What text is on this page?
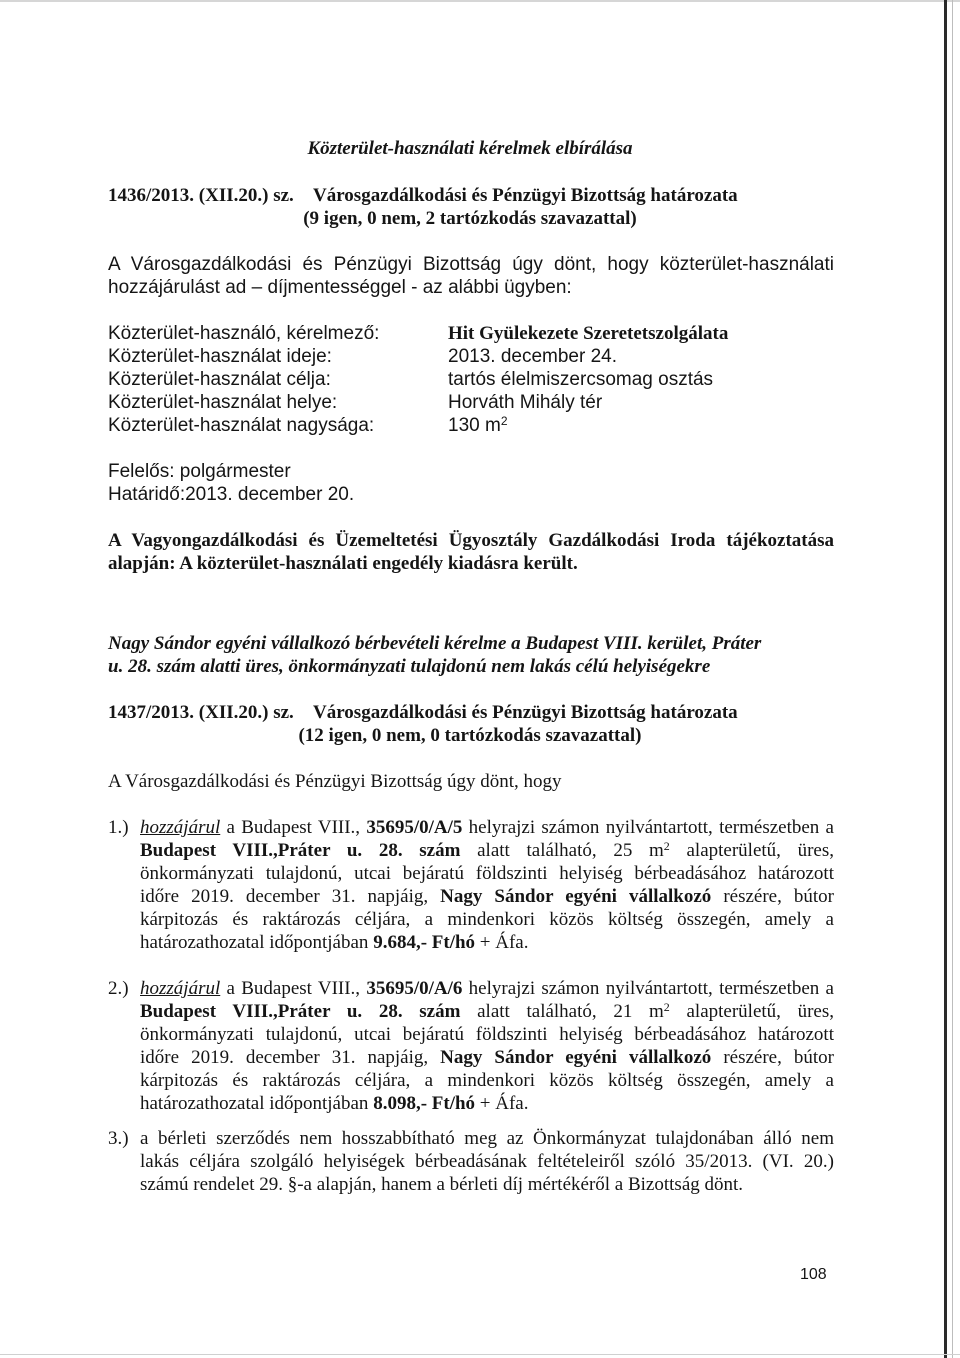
Közterület-használati kérelmek elbírálása
1436/2013. (XII.20.) sz. Városgazdálkodási és Pénzügyi Bizottság határozata
(9 igen, 0 nem, 2 tartózkodás szavazattal)
A Városgazdálkodási és Pénzügyi Bizottság úgy dönt, hogy közterület-használati
hozzájárulást ad – díjmentességgel - az alábbi ügyben:
Közterület-használó, kérelmező:	Hit Gyülekezete Szeretetszolgálata
Közterület-használat ideje:	2013. december 24.
Közterület-használat célja:	tartós élelmiszercsomag osztás
Közterület-használat helye:	Horváth Mihály tér
Közterület-használat nagysága:	130 $m^2$
Felelős: polgármester
Határidő:2013. december 20.
A Vagyongazdálkodási és Üzemeltetési Ügyosztály Gazdálkodási Iroda tájékoztatása
alapján: A közterület-használati engedély kiadásra került.
Nagy Sándor egyéni vállalkozó bérbevételi kérelme a Budapest VIII. kerület, Práter
u. 28. szám alatti üres, önkormányzati tulajdonú nem lakás célú helyiségekre
1437/2013. (XII.20.) sz. Városgazdálkodási és Pénzügyi Bizottság határozata
(12 igen, 0 nem, 0 tartózkodás szavazattal)
A Városgazdálkodási és Pénzügyi Bizottság úgy dönt, hogy
1.) hozzájárul a Budapest VIII., 35695/0/A/5 helyrajzi számon nyilvántartott, természetben a
Budapest VIII.,Práter u. 28. szám alatt található, 25 $m^2$ alapterületű, üres,
önkormányzati tulajdonú, utcai bejáratú földszinti helyiség bérbeadásához határozott
időre 2019. december 31. napjáig, Nagy Sándor egyéni vállalkozó részére, bútor
kárpitozás és raktározás céljára, a mindenkori közös költség összegén, amely a
határozathozatal időpontjában 9.684,- Ft/hó + Áfa.
2.) hozzájárul a Budapest VIII., 35695/0/A/6 helyrajzi számon nyilvántartott, természetben a
Budapest VIII.,Práter u. 28. szám alatt található, 21 $m^2$ alapterületű, üres,
önkormányzati tulajdonú, utcai bejáratú földszinti helyiség bérbeadásához határozott
időre 2019. december 31. napjáig, Nagy Sándor egyéni vállalkozó részére, bútor
kárpitozás és raktározás céljára, a mindenkori közös költség összegén, amely a
határozathozatal időpontjában 8.098,- Ft/hó + Áfa.
3.) a bérleti szerződés nem hosszabbítható meg az Önkormányzat tulajdonában álló nem
lakás céljára szolgáló helyiségek bérbeadásának feltételeiről szóló 35/2013. (VI. 20.)
számú rendelet 29. §-a alapján, hanem a bérleti díj mértékéről a Bizottság dönt.
108
